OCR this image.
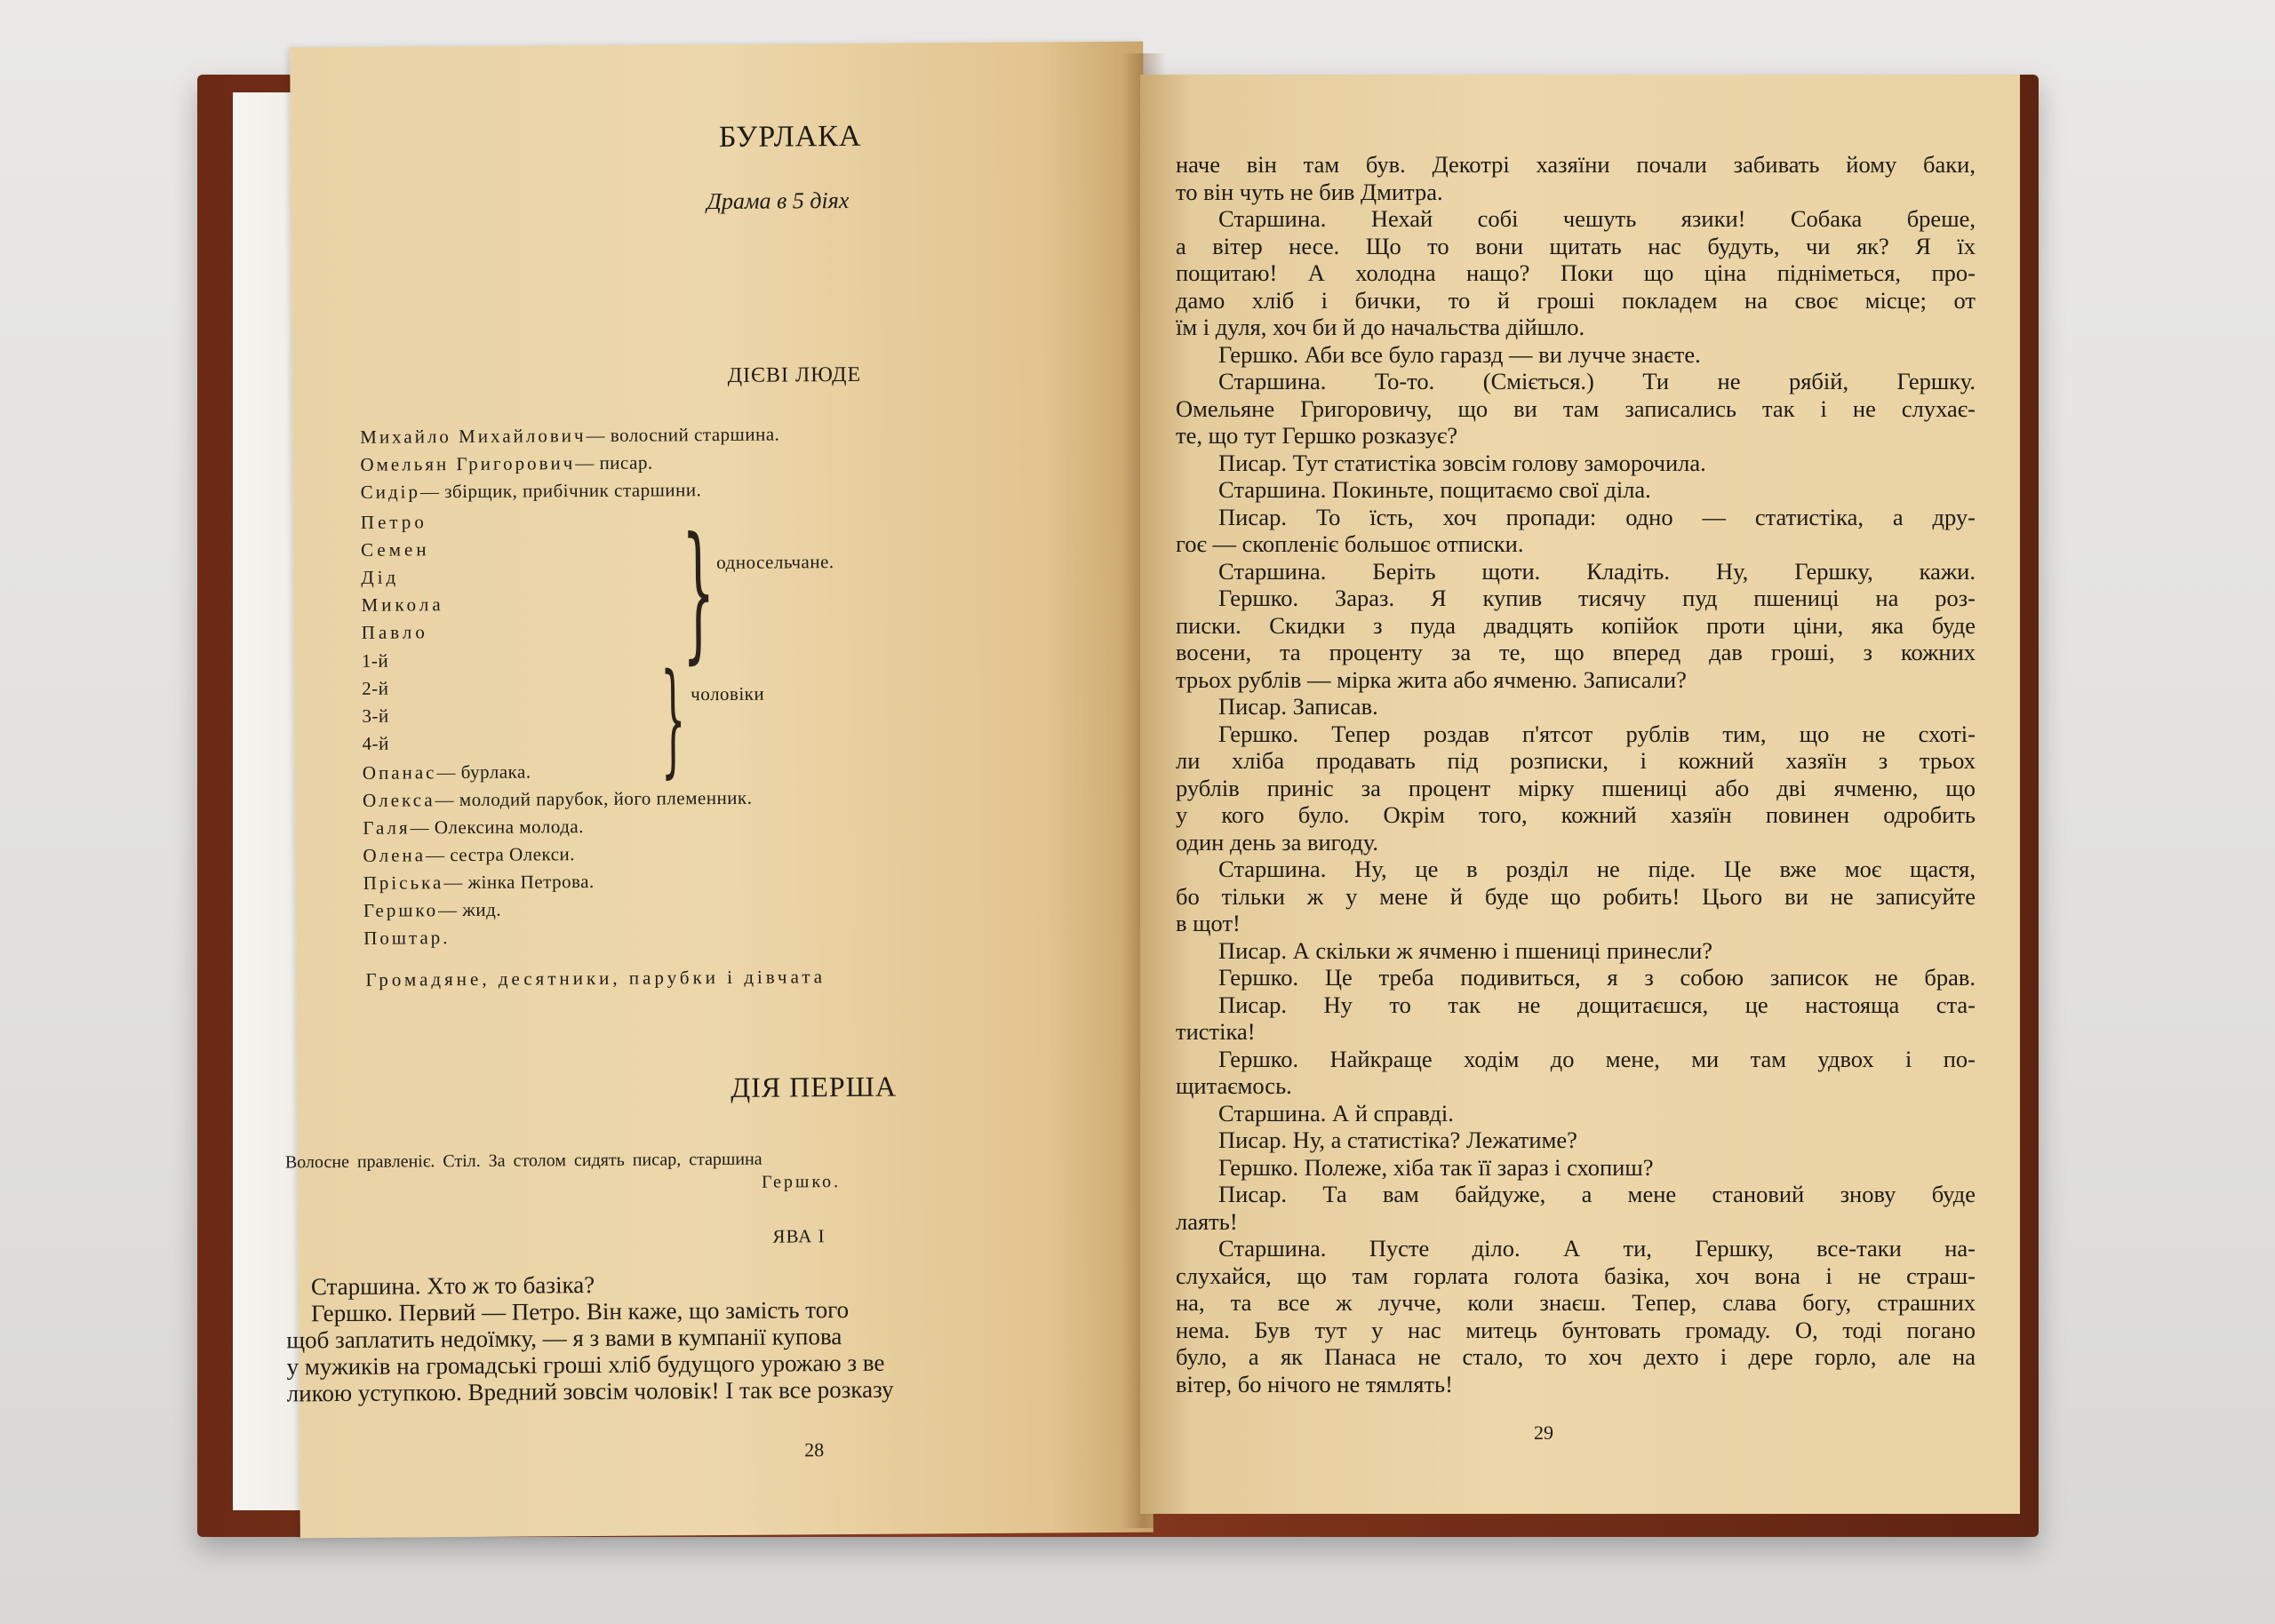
БУРЛАКА
Драма в 5 діях
ДІЄВІ ЛЮДЕ
Михайло Михайлович— волосний старшина.
Омельян Григорович— писар.
Сидір— збірщик, прибічник старшини.
Петро
Семен
Дід
Микола
Павло } односельчане.
1-й
2-й
3-й
4-й } чоловіки
Опанас— бурлака.
Олекса— молодий парубок, його племенник.
Галя— Олексина молода.
Олена— сестра Олекси.
Пріська— жінка Петрова.
Гершко— жид.
Поштар.
Громадяне, десятники, парубки і дівчата
ДІЯ ПЕРША
Волосне правленіє. Стіл. За столом сидять писар, старшина
Гершко.
ЯВА І
Старшина. Хто ж то базіка?
Гершко. Первий — Петро. Він каже, що замість того
щоб заплатить недоїмку, — я з вами в кумпанії купова
у мужиків на громадські гроші хліб будущого урожаю з ве
ликою уступкою. Вредний зовсім чоловік! І так все розказу
28
наче він там був. Декотрі хазяїни почали забивать йому баки,
то він чуть не бив Дмитра.
Старшина. Нехай собі чешуть язики! Собака бреше,
а вітер несе. Що то вони щитать нас будуть, чи як? Я їх
пощитаю! А холодна нащо? Поки що ціна підніметься, про-
дамо хліб і бички, то й гроші покладем на своє місце; от
їм і дуля, хоч би й до начальства дійшло.
Гершко. Аби все було гаразд — ви лучче знаєте.
Старшина. То-то. (Сміється.) Ти не рябій, Гершку.
Омельяне Григоровичу, що ви там записались так і не слухає-
те, що тут Гершко розказує?
Писар. Тут статистіка зовсім голову заморочила.
Старшина. Покиньте, пощитаємо свої діла.
Писар. То їсть, хоч пропади: одно — статистіка, а дру-
гоє — скопленіє большоє отписки.
Старшина. Беріть щоти. Кладіть. Ну, Гершку, кажи.
Гершко. Зараз. Я купив тисячу пуд пшениці на роз-
писки. Скидки з пуда двадцять копійок проти ціни, яка буде
восени, та проценту за те, що вперед дав гроші, з кожних
трьох рублів — мірка жита або ячменю. Записали?
Писар. Записав.
Гершко. Тепер роздав п'ятсот рублів тим, що не схоті-
ли хліба продавать під розписки, і кожний хазяїн з трьох
рублів приніс за процент мірку пшениці або дві ячменю, що
у кого було. Окрім того, кожний хазяїн повинен одробить
один день за вигоду.
Старшина. Ну, це в розділ не піде. Це вже моє щастя,
бо тільки ж у мене й буде що робить! Цього ви не записуйте
в щот!
Писар. А скільки ж ячменю і пшениці принесли?
Гершко. Це треба подивиться, я з собою записок не брав.
Писар. Ну то так не дощитаєшся, це настояща ста-
тистіка!
Гершко. Найкраще ходім до мене, ми там удвох і по-
щитаємось.
Старшина. А й справді.
Писар. Ну, а статистіка? Лежатиме?
Гершко. Полеже, хіба так її зараз і схопиш?
Писар. Та вам байдуже, а мене становий знову буде
лаять!
Старшина. Пусте діло. А ти, Гершку, все-таки на-
слухайся, що там горлата голота базіка, хоч вона і не страш-
на, та все ж лучче, коли знаєш. Тепер, слава богу, страшних
нема. Був тут у нас митець бунтовать громаду. О, тоді погано
було, а як Панаса не стало, то хоч дехто і дере горло, але на
вітер, бо нічого не тямлять!
29
